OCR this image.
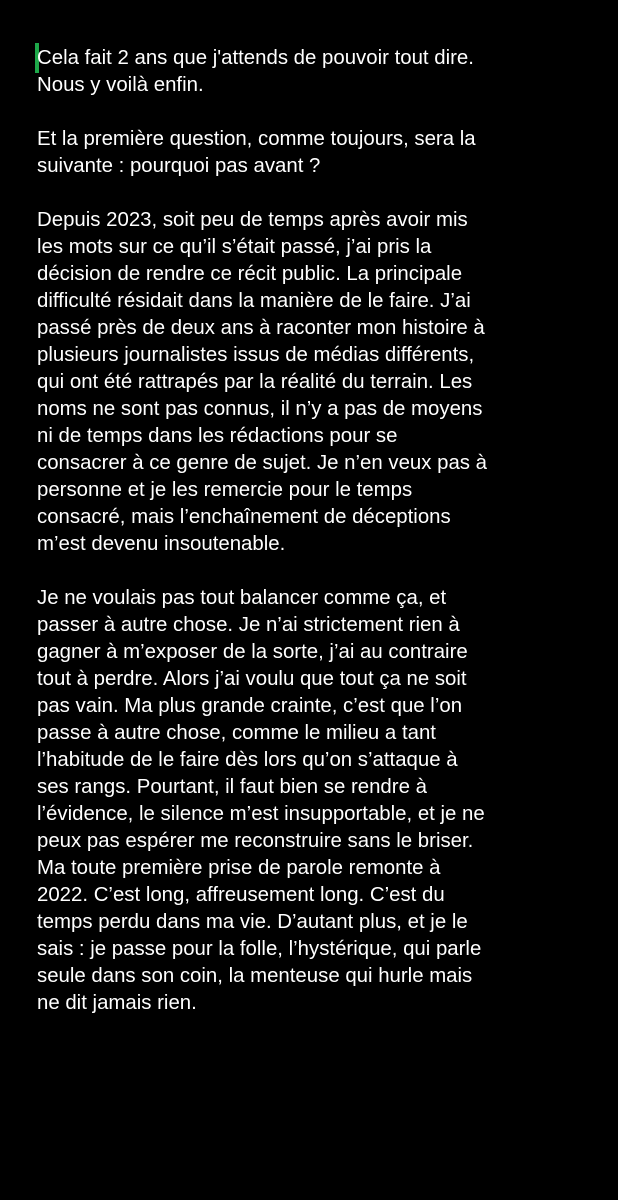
Cela fait 2 ans que j'attends de pouvoir tout dire.
Nous y voilà enfin.
Et la première question, comme toujours, sera la
suivante : pourquoi pas avant ?
Depuis 2023, soit peu de temps après avoir mis
les mots sur ce qu’il s’était passé, j’ai pris la
décision de rendre ce récit public. La principale
difficulté résidait dans la manière de le faire. J’ai
passé près de deux ans à raconter mon histoire à
plusieurs journalistes issus de médias différents,
qui ont été rattrapés par la réalité du terrain. Les
noms ne sont pas connus, il n’y a pas de moyens
ni de temps dans les rédactions pour se
consacrer à ce genre de sujet. Je n’en veux pas à
personne et je les remercie pour le temps
consacré, mais l’enchaînement de déceptions
m’est devenu insoutenable.
Je ne voulais pas tout balancer comme ça, et
passer à autre chose. Je n’ai strictement rien à
gagner à m’exposer de la sorte, j’ai au contraire
tout à perdre. Alors j’ai voulu que tout ça ne soit
pas vain. Ma plus grande crainte, c’est que l’on
passe à autre chose, comme le milieu a tant
l’habitude de le faire dès lors qu’on s’attaque à
ses rangs. Pourtant, il faut bien se rendre à
l’évidence, le silence m’est insupportable, et je ne
peux pas espérer me reconstruire sans le briser.
Ma toute première prise de parole remonte à
2022. C’est long, affreusement long. C’est du
temps perdu dans ma vie. D’autant plus, et je le
sais : je passe pour la folle, l’hystérique, qui parle
seule dans son coin, la menteuse qui hurle mais
ne dit jamais rien.
